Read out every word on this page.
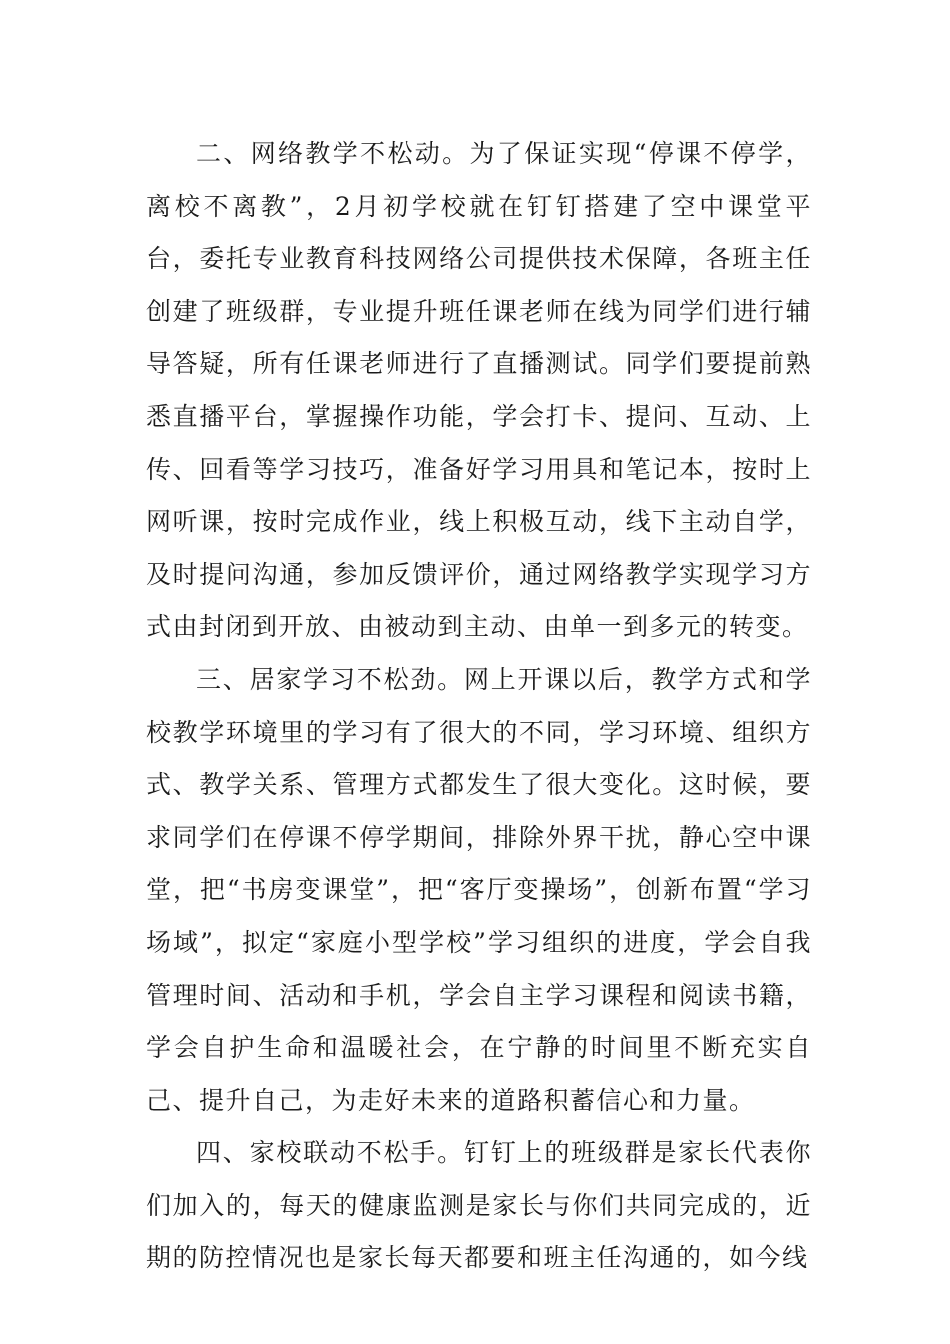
二、网络教学不松动。为了保证实现“停课不停学，离校不离教”，2月初学校就在钉钉搭建了空中课堂平台，委托专业教育科技网络公司提供技术保障，各班主任创建了班级群，专业提升班任课老师在线为同学们进行辅导答疑，所有任课老师进行了直播测试。同学们要提前熟悉直播平台，掌握操作功能，学会打卡、提问、互动、上传、回看等学习技巧，准备好学习用具和笔记本，按时上网听课，按时完成作业，线上积极互动，线下主动自学，及时提问沟通，参加反馈评价，通过网络教学实现学习方式由封闭到开放、由被动到主动、由单一到多元的转变。

三、居家学习不松劲。网上开课以后，教学方式和学校教学环境里的学习有了很大的不同，学习环境、组织方式、教学关系、管理方式都发生了很大变化。这时候，要求同学们在停课不停学期间，排除外界干扰，静心空中课堂，把“书房变课堂”，把“客厅变操场”，创新布置“学习场域”，拟定“家庭小型学校”学习组织的进度，学会自我管理时间、活动和手机，学会自主学习课程和阅读书籍，学会自护生命和温暖社会，在宁静的时间里不断充实自己、提升自己，为走好未来的道路积蓄信心和力量。

四、家校联动不松手。钉钉上的班级群是家长代表你们加入的，每天的健康监测是家长与你们共同完成的，近期的防控情况也是家长每天都要和班主任沟通的，如今线
